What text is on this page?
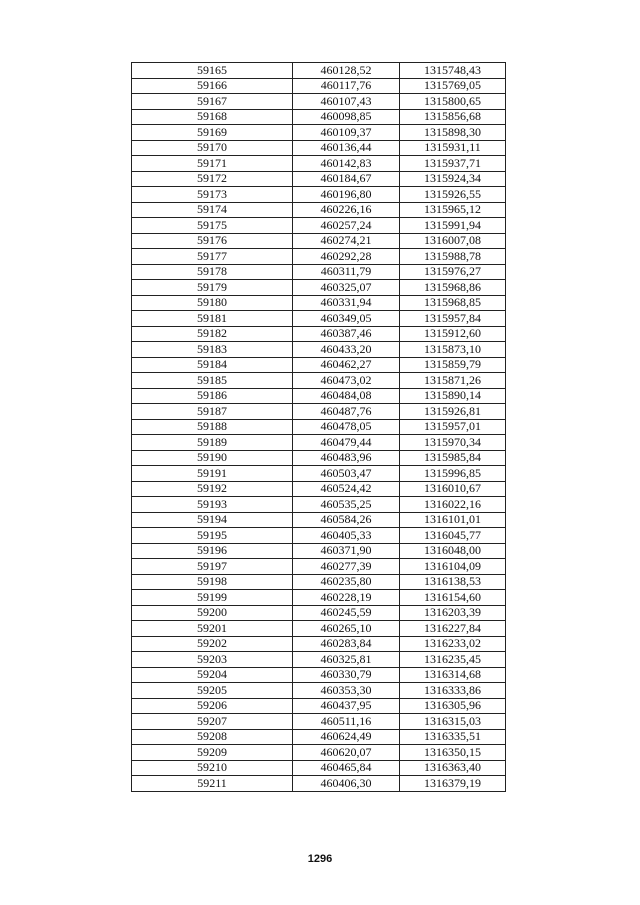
59165	460128,52	1315748,43
59166	460117,76	1315769,05
59167	460107,43	1315800,65
59168	460098,85	1315856,68
59169	460109,37	1315898,30
59170	460136,44	1315931,11
59171	460142,83	1315937,71
59172	460184,67	1315924,34
59173	460196,80	1315926,55
59174	460226,16	1315965,12
59175	460257,24	1315991,94
59176	460274,21	1316007,08
59177	460292,28	1315988,78
59178	460311,79	1315976,27
59179	460325,07	1315968,86
59180	460331,94	1315968,85
59181	460349,05	1315957,84
59182	460387,46	1315912,60
59183	460433,20	1315873,10
59184	460462,27	1315859,79
59185	460473,02	1315871,26
59186	460484,08	1315890,14
59187	460487,76	1315926,81
59188	460478,05	1315957,01
59189	460479,44	1315970,34
59190	460483,96	1315985,84
59191	460503,47	1315996,85
59192	460524,42	1316010,67
59193	460535,25	1316022,16
59194	460584,26	1316101,01
59195	460405,33	1316045,77
59196	460371,90	1316048,00
59197	460277,39	1316104,09
59198	460235,80	1316138,53
59199	460228,19	1316154,60
59200	460245,59	1316203,39
59201	460265,10	1316227,84
59202	460283,84	1316233,02
59203	460325,81	1316235,45
59204	460330,79	1316314,68
59205	460353,30	1316333,86
59206	460437,95	1316305,96
59207	460511,16	1316315,03
59208	460624,49	1316335,51
59209	460620,07	1316350,15
59210	460465,84	1316363,40
59211	460406,30	1316379,19
1296
